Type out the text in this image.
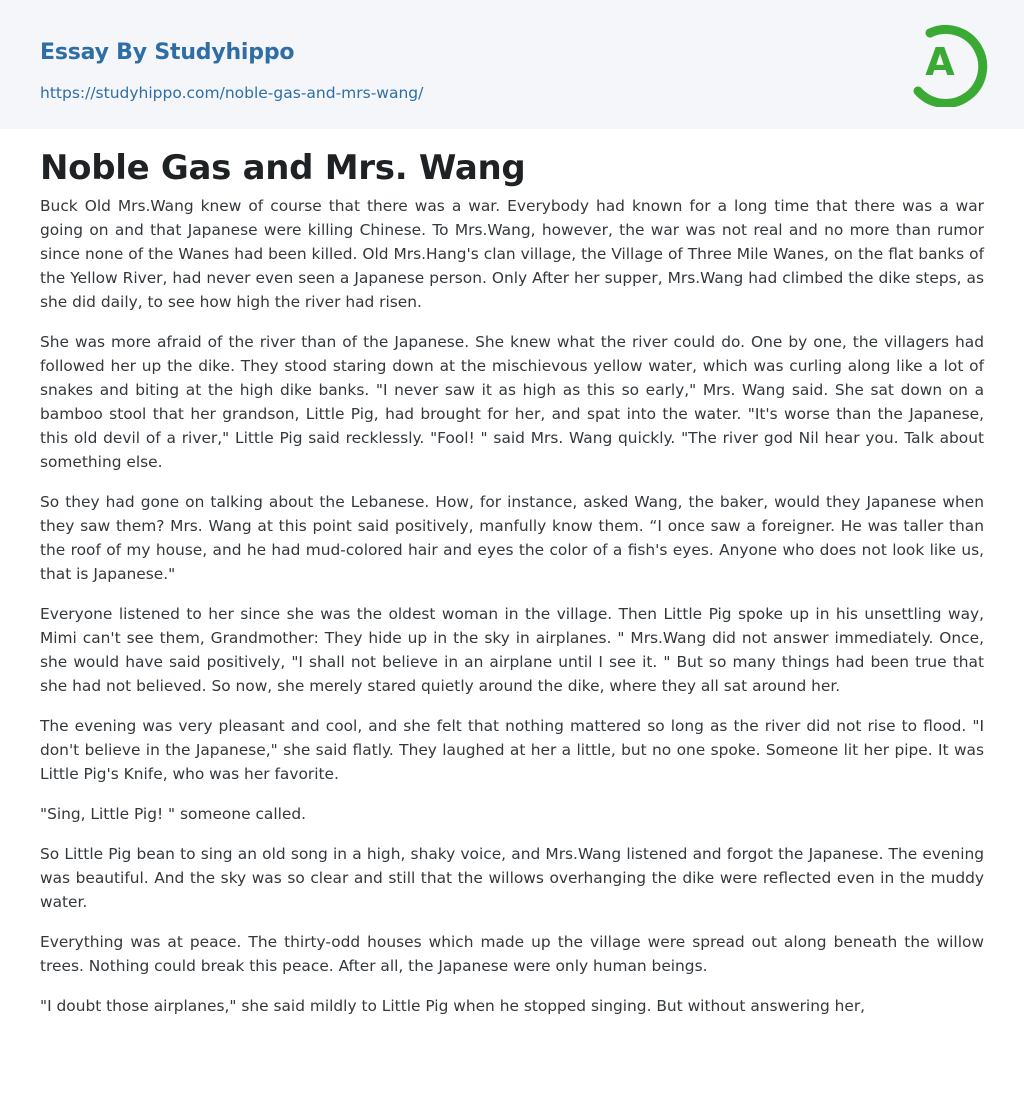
Essay By Studyhippo
https://studyhippo.com/noble-gas-and-mrs-wang/
A
Noble Gas and Mrs. Wang

Buck Old Mrs.Wang knew of course that there was a war. Everybody had known for a long time that there was a war going on and that Japanese were killing Chinese. To Mrs.Wang, however, the war was not real and no more than rumor since none of the Wanes had been killed. Old Mrs.Hang's clan village, the Village of Three Mile Wanes, on the flat banks of the Yellow River, had never even seen a Japanese person. Only After her supper, Mrs.Wang had climbed the dike steps, as she did daily, to see how high the river had risen.

She was more afraid of the river than of the Japanese. She knew what the river could do. One by one, the villagers had followed her up the dike. They stood staring down at the mischievous yellow water, which was curling along like a lot of snakes and biting at the high dike banks. "I never saw it as high as this so early," Mrs. Wang said. She sat down on a bamboo stool that her grandson, Little Pig, had brought for her, and spat into the water. "It's worse than the Japanese, this old devil of a river," Little Pig said recklessly. "Fool! " said Mrs. Wang quickly. "The river god Nil hear you. Talk about something else.

So they had gone on talking about the Lebanese. How, for instance, asked Wang, the baker, would they Japanese when they saw them? Mrs. Wang at this point said positively, manfully know them. “I once saw a foreigner. He was taller than the roof of my house, and he had mud-colored hair and eyes the color of a fish's eyes. Anyone who does not look like us, that is Japanese."

Everyone listened to her since she was the oldest woman in the village. Then Little Pig spoke up in his unsettling way, Mimi can't see them, Grandmother: They hide up in the sky in airplanes. " Mrs.Wang did not answer immediately. Once, she would have said positively, "I shall not believe in an airplane until I see it. " But so many things had been true that she had not believed. So now, she merely stared quietly around the dike, where they all sat around her.

The evening was very pleasant and cool, and she felt that nothing mattered so long as the river did not rise to flood. "I don't believe in the Japanese," she said flatly. They laughed at her a little, but no one spoke. Someone lit her pipe. It was Little Pig's Knife, who was her favorite.

"Sing, Little Pig! " someone called.

So Little Pig bean to sing an old song in a high, shaky voice, and Mrs.Wang listened and forgot the Japanese. The evening was beautiful. And the sky was so clear and still that the willows overhanging the dike were reflected even in the muddy water.

Everything was at peace. The thirty-odd houses which made up the village were spread out along beneath the willow trees. Nothing could break this peace. After all, the Japanese were only human beings.

"I doubt those airplanes," she said mildly to Little Pig when he stopped singing. But without answering her,
